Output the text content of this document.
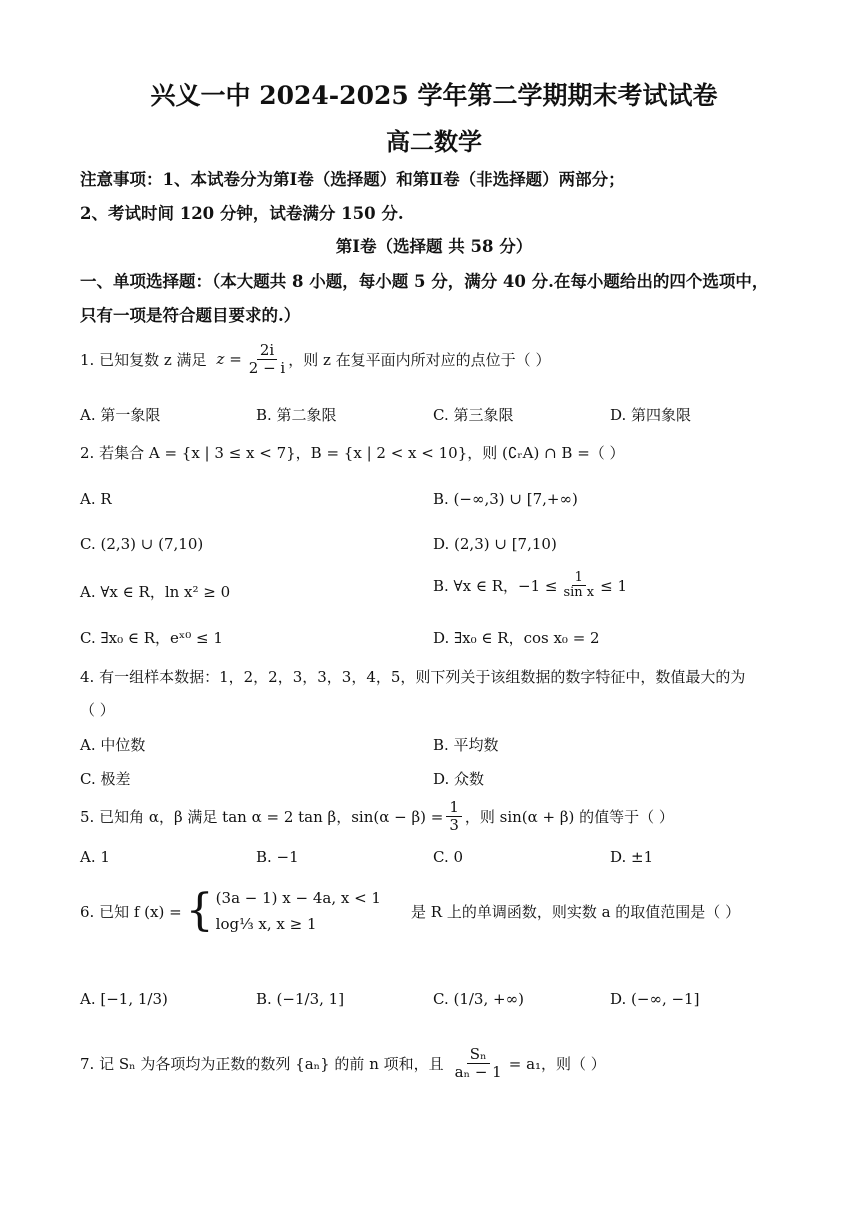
兴义一中 2024-2025 学年第二学期期末考试试卷
高二数学
注意事项：1、本试卷分为第Ⅰ卷（选择题）和第Ⅱ卷（非选择题）两部分；
2、考试时间 120 分钟，试卷满分 150 分.
第Ⅰ卷（选择题 共 58 分）
一、单项选择题：（本大题共 8 小题，每小题 5 分，满分 40 分.在每小题给出的四个选项中，
只有一项是符合题目要求的.）
1. 已知复数 z 满足 $z = \frac{2i}{2 - i}$ ，则 z 在复平面内所对应的点位于（ ）
A. 第一象限	B. 第二象限	C. 第三象限	D. 第四象限
2. 若集合 A = {x | 3 ≤ x < 7}，B = {x | 2 < x < 10}，则 (∁ᵣA) ∩ B =（ ）
A. R	B. (−∞,3) ∪ [7,+∞)
C. (2,3) ∪ (7,10)	D. (2,3) ∪ [7,10)
A. ∀x ∈ R，ln x² ≥ 0	B. ∀x ∈ R，$-1 \le \frac{1}{\text{sin x}} \le 1$
C. ∃x₀ ∈ R，eˣ⁰ ≤ 1	D. ∃x₀ ∈ R，cos x₀ = 2
4. 有一组样本数据：1，2，2，3，3，3，4，5，则下列关于该组数据的数字特征中，数值最大的为
（ ）
A. 中位数	B. 平均数
C. 极差	D. 众数
5. 已知角 α，β 满足 tan α = 2 tan β，$\sin(\alpha - \beta) = \frac{1}{3}$ ，则 sin(α + β) 的值等于（ ）
A. 1	B. −1	C. 0	D. ±1
6. 已知 f (x) = { (3a − 1) x − 4a, x < 1
log⅓ x, x ≥ 1
是 R 上的单调函数，则实数 a 的取值范围是（ ）
A. [−1, 1/3)	B. (−1/3, 1]	C. (1/3, +∞)	D. (−∞, −1]
7. 记 Sₙ 为各项均为正数的数列 {aₙ} 的前 n 项和，且 $\frac{\text{Sₙ}}{\text{aₙ − 1}} = a_1$，则（ ）
